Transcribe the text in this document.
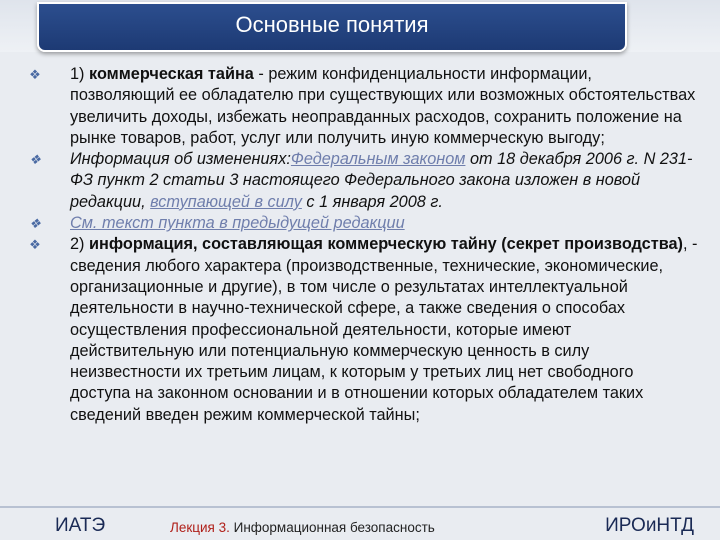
Основные понятия
❖ 1) коммерческая тайна - режим конфиденциальности информации, позволяющий ее обладателю при существующих или возможных обстоятельствах увеличить доходы, избежать неоправданных расходов, сохранить положение на рынке товаров, работ, услуг или получить иную коммерческую выгоду;
❖ Информация об изменениях:Федеральным законом от 18 декабря 2006 г. N 231-ФЗ пункт 2 статьи 3 настоящего Федерального закона изложен в новой редакции, вступающей в силу с 1 января 2008 г.
❖ См. текст пункта в предыдущей редакции
❖ 2) информация, составляющая коммерческую тайну (секрет производства), - сведения любого характера (производственные, технические, экономические, организационные и другие), в том числе о результатах интеллектуальной деятельности в научно-технической сфере, а также сведения о способах осуществления профессиональной деятельности, которые имеют действительную или потенциальную коммерческую ценность в силу неизвестности их третьим лицам, к которым у третьих лиц нет свободного доступа на законном основании и в отношении которых обладателем таких сведений введен режим коммерческой тайны;
ИАТЭ	Лекция 3. Информационная безопасность	ИРОиНТД
